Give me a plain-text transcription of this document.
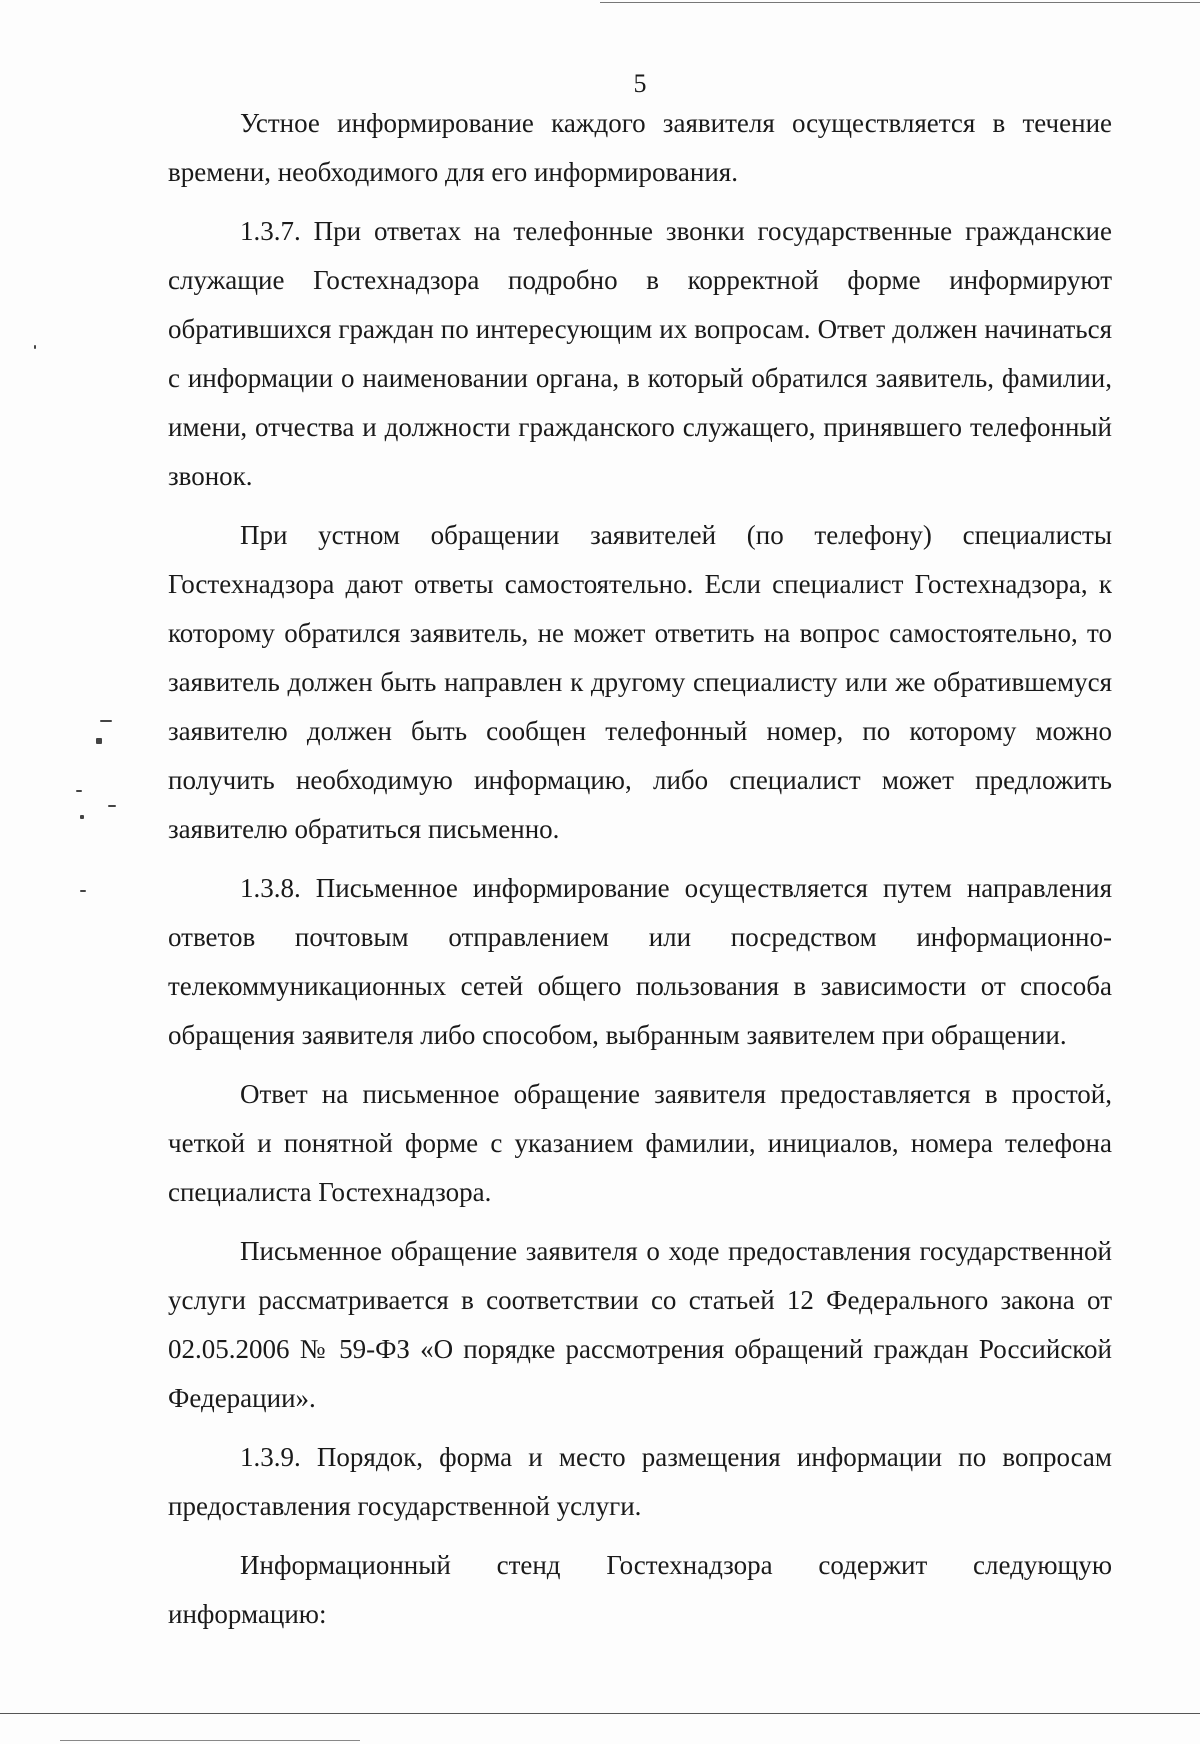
5

Устное информирование каждого заявителя осуществляется в течение времени, необходимого для его информирования.

1.3.7. При ответах на телефонные звонки государственные гражданские служащие Гостехнадзора подробно в корректной форме информируют обратившихся граждан по интересующим их вопросам. Ответ должен начинаться с информации о наименовании органа, в который обратился заявитель, фамилии, имени, отчества и должности гражданского служащего, принявшего телефонный звонок.

При устном обращении заявителей (по телефону) специалисты Гостехнадзора дают ответы самостоятельно. Если специалист Гостехнадзора, к которому обратился заявитель, не может ответить на вопрос самостоятельно, то заявитель должен быть направлен к другому специалисту или же обратившемуся заявителю должен быть сообщен телефонный номер, по которому можно получить необходимую информацию, либо специалист может предложить заявителю обратиться письменно.

1.3.8. Письменное информирование осуществляется путем направления ответов почтовым отправлением или посредством информационно-телекоммуникационных сетей общего пользования в зависимости от способа обращения заявителя либо способом, выбранным заявителем при обращении.

Ответ на письменное обращение заявителя предоставляется в простой, четкой и понятной форме с указанием фамилии, инициалов, номера телефона специалиста Гостехнадзора.

Письменное обращение заявителя о ходе предоставления государственной услуги рассматривается в соответствии со статьей 12 Федерального закона от 02.05.2006 № 59-ФЗ «О порядке рассмотрения обращений граждан Российской Федерации».

1.3.9. Порядок, форма и место размещения информации по вопросам предоставления государственной услуги.

Информационный стенд Гостехнадзора содержит следующую информацию:
